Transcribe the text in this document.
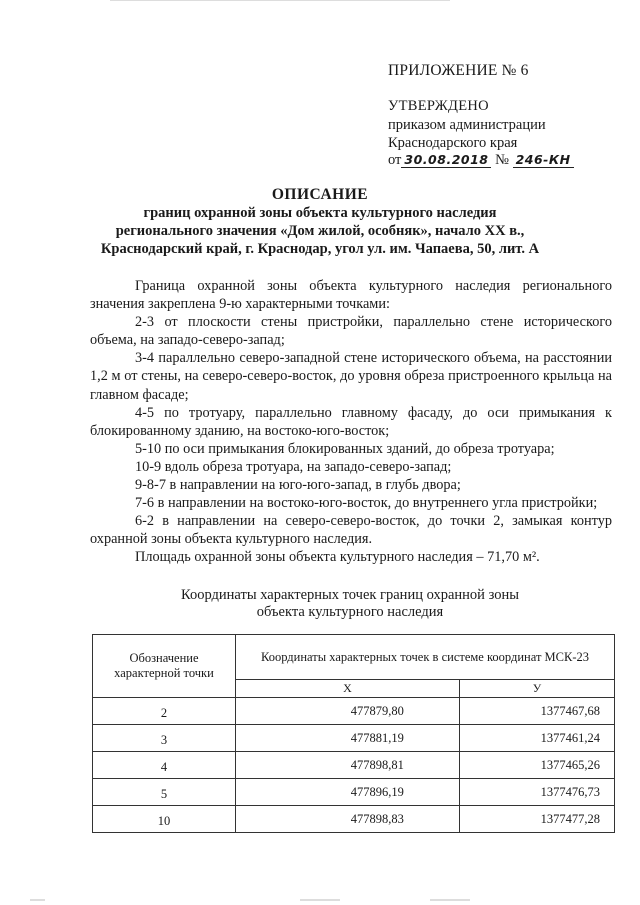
ПРИЛОЖЕНИЕ № 6
УТВЕРЖДЕНО
приказом администрации
Краснодарского края
от 30.08.2018 № 246-КН
ОПИСАНИЕ
границ охранной зоны объекта культурного наследия
регионального значения «Дом жилой, особняк», начало XX в.,
Краснодарский край, г. Краснодар, угол ул. им. Чапаева, 50, лит. А

Граница охранной зоны объекта культурного наследия регионального значения закреплена 9-ю характерными точками:

2-3 от плоскости стены пристройки, параллельно стене исторического объема, на западо-северо-запад;

3-4 параллельно северо-западной стене исторического объема, на расстоянии 1,2 м от стены, на северо-северо-восток, до уровня обреза пристроенного крыльца на главном фасаде;

4-5 по тротуару, параллельно главному фасаду, до оси примыкания к блокированному зданию, на востоко-юго-восток;

5-10 по оси примыкания блокированных зданий, до обреза тротуара;

10-9 вдоль обреза тротуара, на западо-северо-запад;

9-8-7 в направлении на юго-юго-запад, в глубь двора;

7-6 в направлении на востоко-юго-восток, до внутреннего угла пристройки;

6-2 в направлении на северо-северо-восток, до точки 2, замыкая контур охранной зоны объекта культурного наследия.

Площадь охранной зоны объекта культурного наследия – 71,70 м².

Координаты характерных точек границ охранной зоны
объекта культурного наследия
Обозначение характерной точки	Координаты характерных точек в системе координат МСК-23	
	X	У
2	477879,80	1377467,68
3	477881,19	1377461,24
4	477898,81	1377465,26
5	477896,19	1377476,73
10	477898,83	1377477,28
